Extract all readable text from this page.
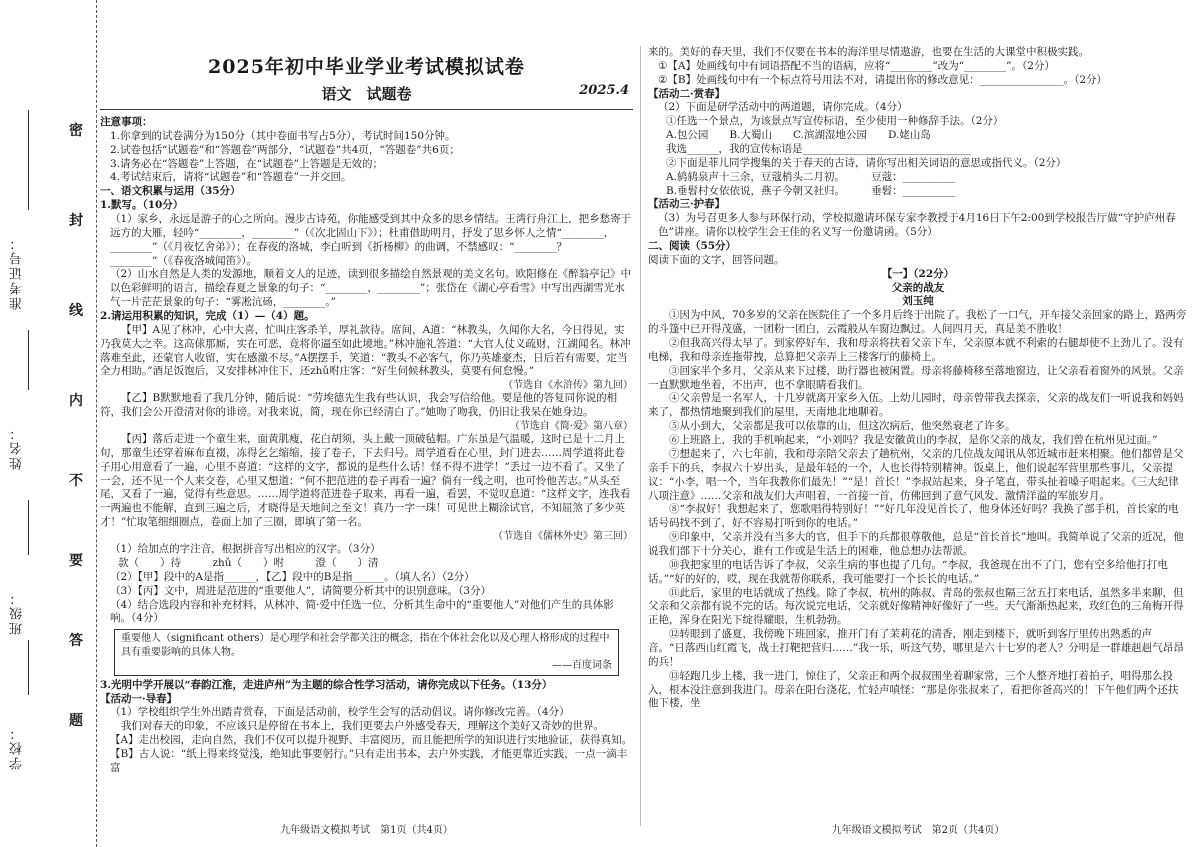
准考证号：
姓名：
班级：
学校：
密
封
线
内
不
要
答
题
2025年初中毕业学业考试模拟试卷
语文　试题卷	2025.4

注意事项：

1.你拿到的试卷满分为150分（其中卷面书写占5分），考试时间150分钟。

2.试卷包括“试题卷”和“答题卷”两部分，“试题卷”共4页，“答题卷”共6页；

3.请务必在“答题卷”上答题，在“试题卷”上答题是无效的；

4.考试结束后，请将“试题卷”和“答题卷”一并交回。

一、语文积累与运用（35分）

1.默写。（10分）

（1）家乡，永远是游子的心之所向。漫步古诗苑，你能感受到其中众多的思乡情结。王湾行舟江上，把乡愁寄于远方的大雁，轻吟“________，________”（《次北固山下》）；杜甫借助明月，抒发了思乡怀人之情“________，________”（《月夜忆舍弟》）；在春夜的洛城，李白听到《折杨柳》的曲调，不禁感叹：“________？________”（《春夜洛城闻笛》）。

（2）山水自然是人类的发源地，顺着文人的足迹，读到很多描绘自然景观的美文名句。欧阳修在《醉翁亭记》中以色彩鲜明的语言，描绘春夏之景象的句子：“________，________”；张岱在《湖心亭看雪》中写出西湖雪光水气一片茫茫景象的句子：“雾凇沆砀，________。”

2.请运用积累的知识，完成（1）—（4）题。

【甲】A见了林冲，心中大喜，忙叫庄客杀羊，厚礼款待。席间，A道：“林教头，久闻你大名，今日得见，实乃我莫大之幸。这高俅那厮，实在可恶，竟将你逼至如此境地。”林冲施礼答道：“大官人仗义疏财，江湖闻名。林冲落难至此，还蒙官人收留，实在感激不尽。”A摆摆手，笑道：“教头不必客气，你乃英雄豪杰，日后若有需要，定当全力相助。”酒足饭饱后，又安排林冲住下，还zhǔ咐庄客：“好生伺候林教头，莫要有何怠慢。”

（节选自《水浒传》第九回）

【乙】B默默地看了我几分钟，随后说：“劳埃德先生我有些认识，我会写信给他。要是他的答复同你说的相符，我们会公开澄清对你的诽谤。对我来说，简，现在你已经清白了。”她吻了吻我，仍旧让我呆在她身边。

（节选自《简·爱》第八章）

【丙】落后走进一个童生来，面黄肌瘦，花白胡须，头上戴一顶破毡帽。广东虽是气温暖，这时已是十二月上旬，那童生还穿着麻布直裰，冻得乞乞缩缩，接了卷子，下去归号。周学道看在心里，封门进去……周学道将此卷子用心用意看了一遍，心里不喜道：“这样的文字，都说的是些什么话！怪不得不进学！”丢过一边不看了。又坐了一会，还不见一个人来交卷，心里又想道：“何不把范进的卷子再看一遍？倘有一线之明，也可怜他苦志。”从头至尾，又看了一遍，觉得有些意思。……周学道将范进卷子取来，再看一遍，看罢，不觉叹息道：“这样文字，连我看一两遍也不能解，直到三遍之后，才晓得是天地间之至文！真乃一字一珠！可见世上糊涂试官，不知屈煞了多少英才！”忙取笔细细圈点，卷面上加了三圈，即填了第一名。

（节选自《儒林外史》第三回）

（1）给加点的字注音，根据拼音写出相应的汉字。（3分）

款（　　）待　　　zhǔ（　　）咐　　　澄（　　）清

（2）【甲】段中的A是指______，【乙】段中的B是指______。（填人名）（2分）

（3）【丙】文中，周进是范进的“重要他人”，请简要分析其中的识别意味。（3分）

（4）结合选段内容和补充材料，从林冲、简·爱中任选一位，分析其生命中的“重要他人”对他们产生的具体影响。（4分）

重要他人（significant others）是心理学和社会学都关注的概念，指在个体社会化以及心理人格形成的过程中具有重要影响的具体人物。
——百度词条

3.光明中学开展以“春韵江淮，走进庐州”为主题的综合性学习活动，请你完成以下任务。（13分）

【活动一·导春】

（1）学校组织学生外出踏青赏春，下面是活动前，校学生会写的活动倡议。请你修改完善。（4分）

我们对春天的印象，不应该只是停留在书本上，我们更要去户外感受春天，理解这个美好又奇妙的世界。

【A】走出校园，走向自然，我们不仅可以提升视野、丰富阅历，而且能把所学的知识进行实地验证，获得真知。

【B】古人说：“纸上得来终觉浅，绝知此事要躬行。”只有走出书本，去户外实践，才能更靠近实践，一点一滴丰富

九年级语文模拟考试　第1页（共4页）

来的。美好的春天里，我们不仅要在书本的海洋里尽情遨游，也要在生活的大课堂中积极实践。

①【A】处画线句中有词语搭配不当的语病，应将“________”改为“________”。（2分）

②【B】处画线句中有一个标点符号用法不对，请提出你的修改意见：________________。（2分）

【活动二·赏春】

（2）下面是研学活动中的两道题，请你完成。（4分）

①任选一个景点，为该景点写宣传标语，至少使用一种修辞手法。（2分）

A.包公园　　B.大蜀山　　C.滨湖湿地公园　　D.姥山岛

我选______，我的宣传标语是________________________________

②下面是菲儿同学搜集的关于春天的古诗，请你写出相关词语的意思或指代义。（2分）

A.鸫鸫泉声十三余，豆蔻梢头二月初。　　　豆蔻：__________

B.垂髫村女依依说，燕子今朝又社归。　　　垂髫：__________

【活动三·护春】

（3）为号召更多人参与环保行动，学校拟邀请环保专家李教授于4月16日下午2:00到学校报告厅做“守护庐州春色”讲座。请你以校学生会王佳的名义写一份邀请函。（5分）

二、阅读（55分）

阅读下面的文字，回答问题。

【一】（22分）

父亲的战友

刘玉纯

①因为中风，70多岁的父亲在医院住了一个多月后终于出院了。我松了一口气，开车接父亲回家的路上，路两旁的斗篷中已开得茂盛，一团粉一团白，云霞般从车窗边飘过。人间四月天，真是美不胜收！

②但我高兴得太早了。到家停好车，我和母亲将扶着父亲下车，父亲原本就不利索的右腿却使不上劲儿了。没有电梯，我和母亲连拖带拽，总算把父亲弄上三楼客厅的藤椅上。

③回家半个多月，父亲从来下过楼，助行器也被闲置。母亲将藤椅移至落地窗边，让父亲看着窗外的风景。父亲一直默默地坐着，不出声，也不拿眼睛看我们。

④父亲曾是一名军人，十几岁就离开家乡入伍。上幼儿园时，母亲曾带我去探亲，父亲的战友们一听说我和妈妈来了，都热情地聚到我们的屋里，天南地北地聊着。

⑤从小到大，父亲都是我可以依靠的山，但这次病后，他突然衰老了许多。

⑥上班路上，我的手机响起来，“小刘吗？我是安徽黄山的李叔，是你父亲的战友，我们曾在杭州见过面。”

⑦想起来了，六七年前，我和母亲陪父亲去了趟杭州，父亲的几位战友闻讯从邻近城市赶来相聚。他们都曾是父亲手下的兵，李叔六十岁出头，是最年轻的一个，人也长得特别精神。饭桌上，他们说起军营里那些事儿，父亲提议：“小李，唱一个，当年我教你们最先！”“是！首长！”李叔站起来，身子笔直，带头扯着嗓子唱起来。《三大纪律八项注意》……父亲和战友们大声唱着，一首接一首，仿佛回到了意气风发、激情洋溢的军旅岁月。

⑧“李叔好！我想起来了，您歌唱得特别好！”“好几年没见首长了，他身体还好吗？我换了部手机，首长家的电话号码找不到了，好不容易打听到你的电话。”

⑨印象中，父亲并没有当多大的官，但手下的兵都很尊敬他，总是“首长首长”地叫。我简单说了父亲的近况，他说我们部下十分关心，谁有工作或是生活上的困难，他总想办法帮派。

⑩我把家里的电话告诉了李叔，父亲生病的事也提了几句。“李叔，我爸现在出不了门，您有空多给他打打电话。”“好的好的，哎，现在我就帮你联系，我可能要打一个长长的电话。”

⑪此后，家里的电话就成了热线。除了李叔，杭州的陈叔、青岛的张叔也隔三岔五打来电话，虽然多半来聊，但父亲和父亲都有说不完的话。每次说完电话，父亲就好像精神好像好了一些。天气渐渐热起来，玫红色的三角梅开得正艳，浑身在阳光下绽得耀眼，生机勃勃。

⑫转眼到了盛夏，我傍晚下班回家，推开门有了茉莉花的清香，刚走到楼下，就听到客厅里传出熟悉的声音。“日落西山红霞飞，战士打靶把营归……”我一乐，听这气势，哪里是六十七岁的老人？分明是一群雄赳赳气昂昂的兵！

⑬轻跑几步上楼，我一进门，惊住了，父亲正和两个叔叔围坐着聊家常，三个人整齐地打着拍子，唱得那么投入，根本没注意到我进门。母亲在阳台浇花，忙轻声嗔怪：“那是你张叔来了，看把你爸高兴的！下午他们两个还扶他下楼，坐

九年级语文模拟考试　第2页（共4页）
